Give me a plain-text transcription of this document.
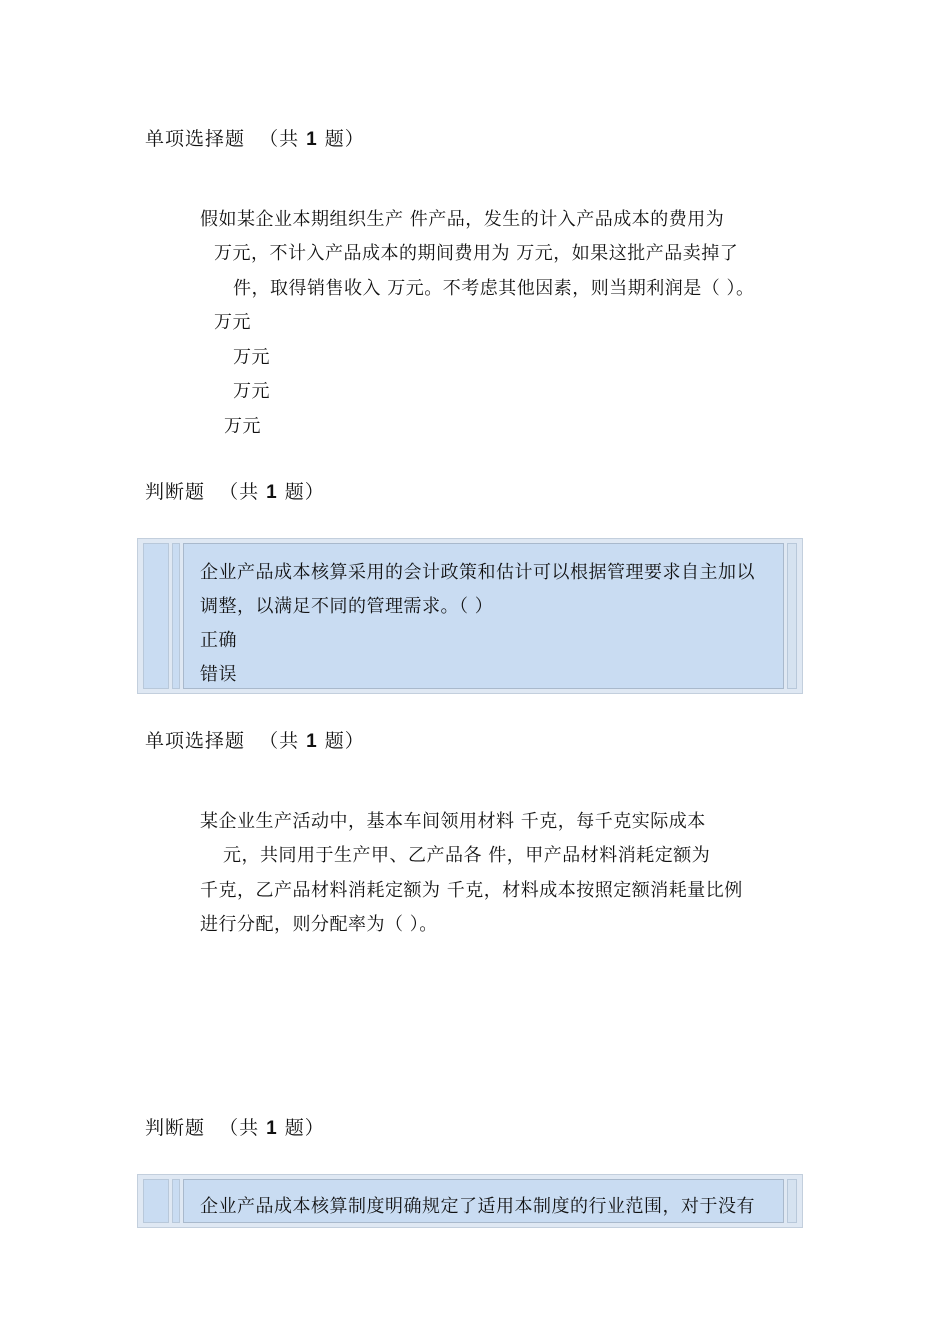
单项选择题 （共 1 题）
假如某企业本期组织生产 件产品，发生的计入产品成本的费用为
万元，不计入产品成本的期间费用为 万元，如果这批产品卖掉了
件，取得销售收入 万元。不考虑其他因素，则当期利润是（ ）。
万元
万元
万元
万元
判断题 （共 1 题）
企业产品成本核算采用的会计政策和估计可以根据管理要求自主加以
调整，以满足不同的管理需求。（ ）
正确
错误
单项选择题 （共 1 题）
某企业生产活动中，基本车间领用材料 千克，每千克实际成本
元，共同用于生产甲、乙产品各 件，甲产品材料消耗定额为
千克，乙产品材料消耗定额为 千克，材料成本按照定额消耗量比例
进行分配，则分配率为（ ）。
判断题 （共 1 题）
企业产品成本核算制度明确规定了适用本制度的行业范围，对于没有
